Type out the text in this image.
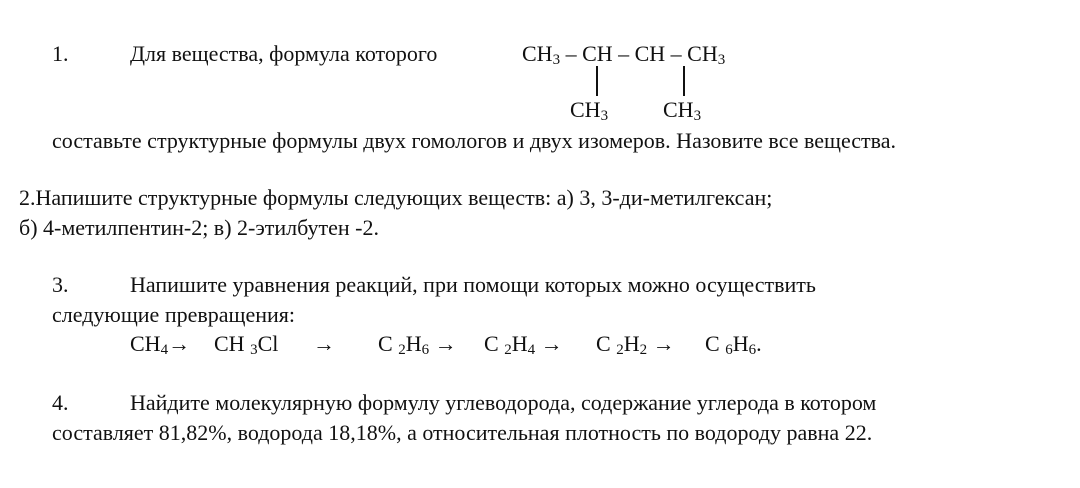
1.	Для вещества, формула которого	$CH_3$ – CH – CH – $CH_3$
$CH_3$ $CH_3$
составьте структурные формулы двух гомологов и двух изомеров. Назовите все вещества.
2.Напишите структурные формулы следующих веществ: а) 3, 3-ди-метилгексан;
б) 4-метилпентин-2; в) 2-этилбутен -2.
3.	Напишите уравнения реакций, при помощи которых можно осуществить
следующие превращения:
$CH_4\to$ CH $_3$Cl → C $_2H_6 \to C$ $_2H_4 \to C$ $_2H_2 \to C$ $_6H_6$.
4.	Найдите молекулярную формулу углеводорода, содержание углерода в котором
составляет 81,82%, водорода 18,18%, а относительная плотность по водороду равна 22.
